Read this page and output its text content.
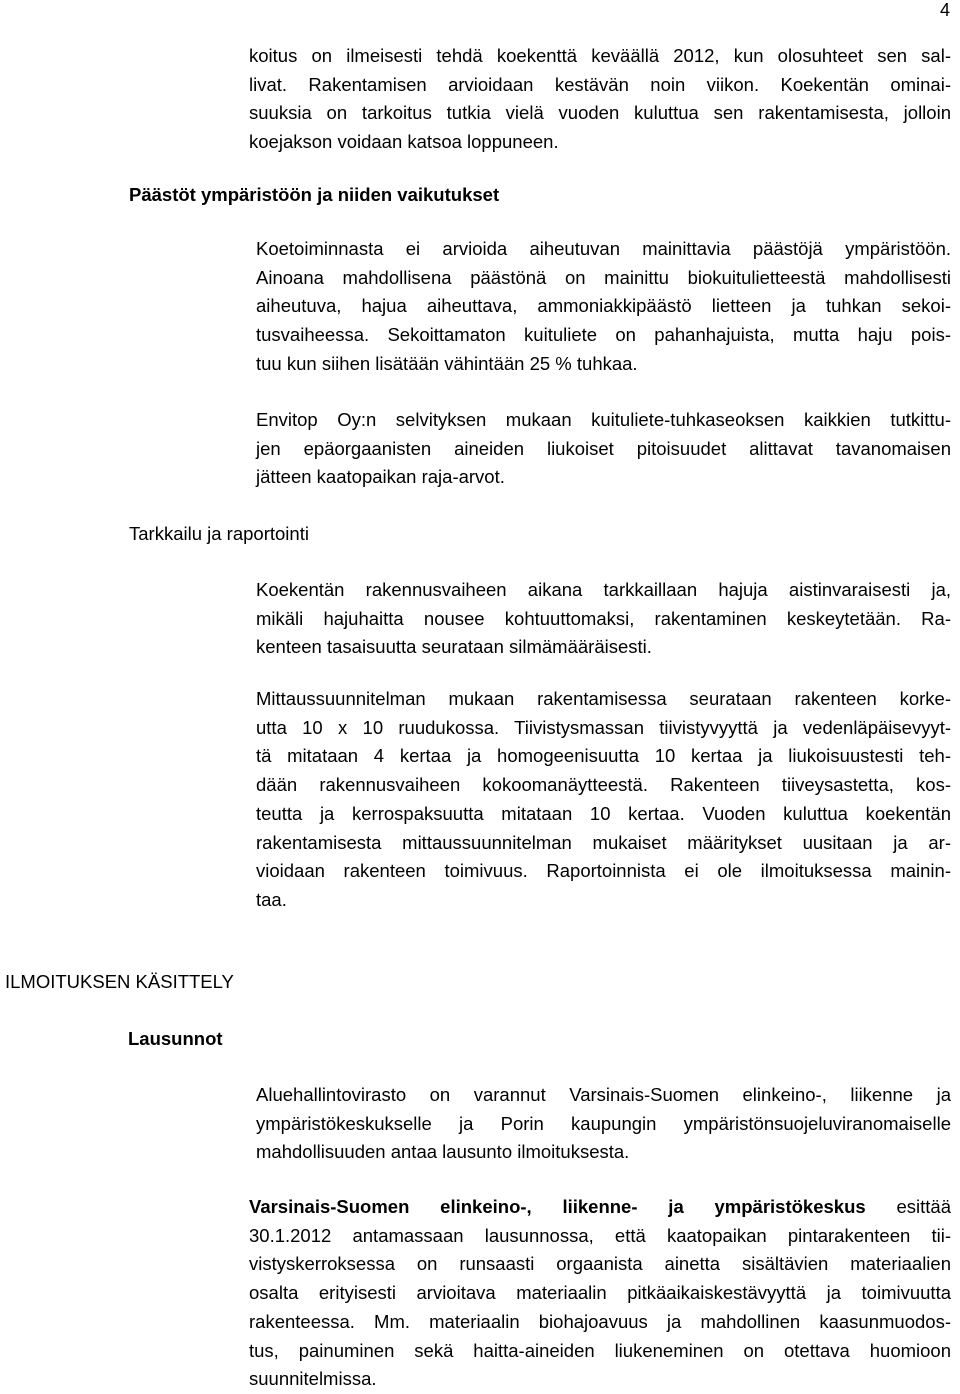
4
koitus on ilmeisesti tehdä koekenttä keväällä 2012, kun olosuhteet sen sal-
livat. Rakentamisen arvioidaan kestävän noin viikon. Koekentän ominai-
suuksia on tarkoitus tutkia vielä vuoden kuluttua sen rakentamisesta, jolloin
koejakson voidaan katsoa loppuneen.
Päästöt ympäristöön ja niiden vaikutukset
Koetoiminnasta ei arvioida aiheutuvan mainittavia päästöjä ympäristöön.
Ainoana mahdollisena päästönä on mainittu biokuitulietteestä mahdollisesti
aiheutuva, hajua aiheuttava, ammoniakkipäästö lietteen ja tuhkan sekoi-
tusvaiheessa. Sekoittamaton kuituliete on pahanhajuista, mutta haju pois-
tuu kun siihen lisätään vähintään 25 % tuhkaa.
Envitop Oy:n selvityksen mukaan kuituliete-tuhkaseoksen kaikkien tutkittu-
jen epäorgaanisten aineiden liukoiset pitoisuudet alittavat tavanomaisen
jätteen kaatopaikan raja-arvot.
Tarkkailu ja raportointi
Koekentän rakennusvaiheen aikana tarkkaillaan hajuja aistinvaraisesti ja,
mikäli hajuhaitta nousee kohtuuttomaksi, rakentaminen keskeytetään. Ra-
kenteen tasaisuutta seurataan silmämääräisesti.
Mittaussuunnitelman mukaan rakentamisessa seurataan rakenteen korke-
utta 10 x 10 ruudukossa. Tiivistysmassan tiivistyvyyttä ja vedenläpäisevyyt-
tä mitataan 4 kertaa ja homogeenisuutta 10 kertaa ja liukoisuustesti teh-
dään rakennusvaiheen kokoomanäytteestä. Rakenteen tiiveysastetta, kos-
teutta ja kerrospaksuutta mitataan 10 kertaa. Vuoden kuluttua koekentän
rakentamisesta mittaussuunnitelman mukaiset määritykset uusitaan ja ar-
vioidaan rakenteen toimivuus. Raportoinnista ei ole ilmoituksessa mainin-
taa.
ILMOITUKSEN KÄSITTELY
Lausunnot
Aluehallintovirasto on varannut Varsinais-Suomen elinkeino-, liikenne ja
ympäristökeskukselle ja Porin kaupungin ympäristönsuojeluviranomaiselle
mahdollisuuden antaa lausunto ilmoituksesta.
Varsinais-Suomen elinkeino-, liikenne- ja ympäristökeskus esittää
30.1.2012 antamassaan lausunnossa, että kaatopaikan pintarakenteen tii-
vistyskerroksessa on runsaasti orgaanista ainetta sisältävien materiaalien
osalta erityisesti arvioitava materiaalin pitkäaikaiskestävyyttä ja toimivuutta
rakenteessa. Mm. materiaalin biohajoavuus ja mahdollinen kaasunmuodos-
tus, painuminen sekä haitta-aineiden liukeneminen on otettava huomioon
suunnitelmissa.
